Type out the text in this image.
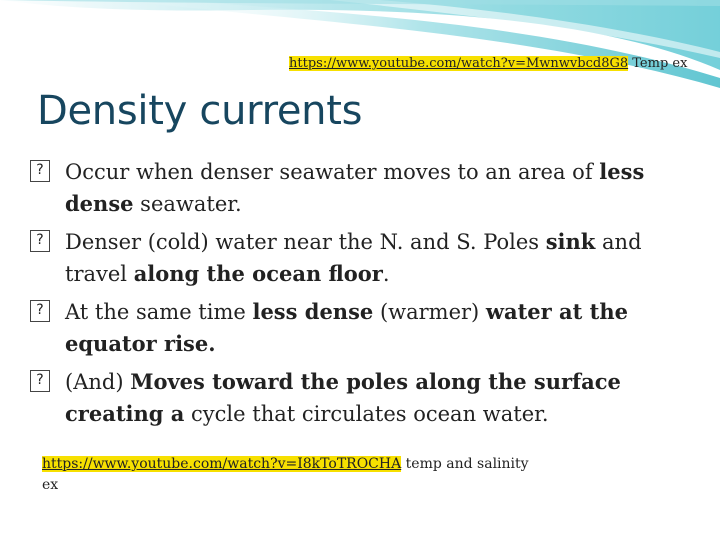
https://www.youtube.com/watch?v=Mwnwvbcd8G8 Temp ex
Density currents
? Occur when denser seawater moves to an area of less dense seawater.
? Denser (cold) water near the N. and S. Poles sink and travel along the ocean floor.
? At the same time less dense (warmer) water at the equator rise.
? (And) Moves toward the poles along the surface creating a cycle that circulates ocean water.
https://www.youtube.com/watch?v=I8kToTROCHA temp and salinity ex
